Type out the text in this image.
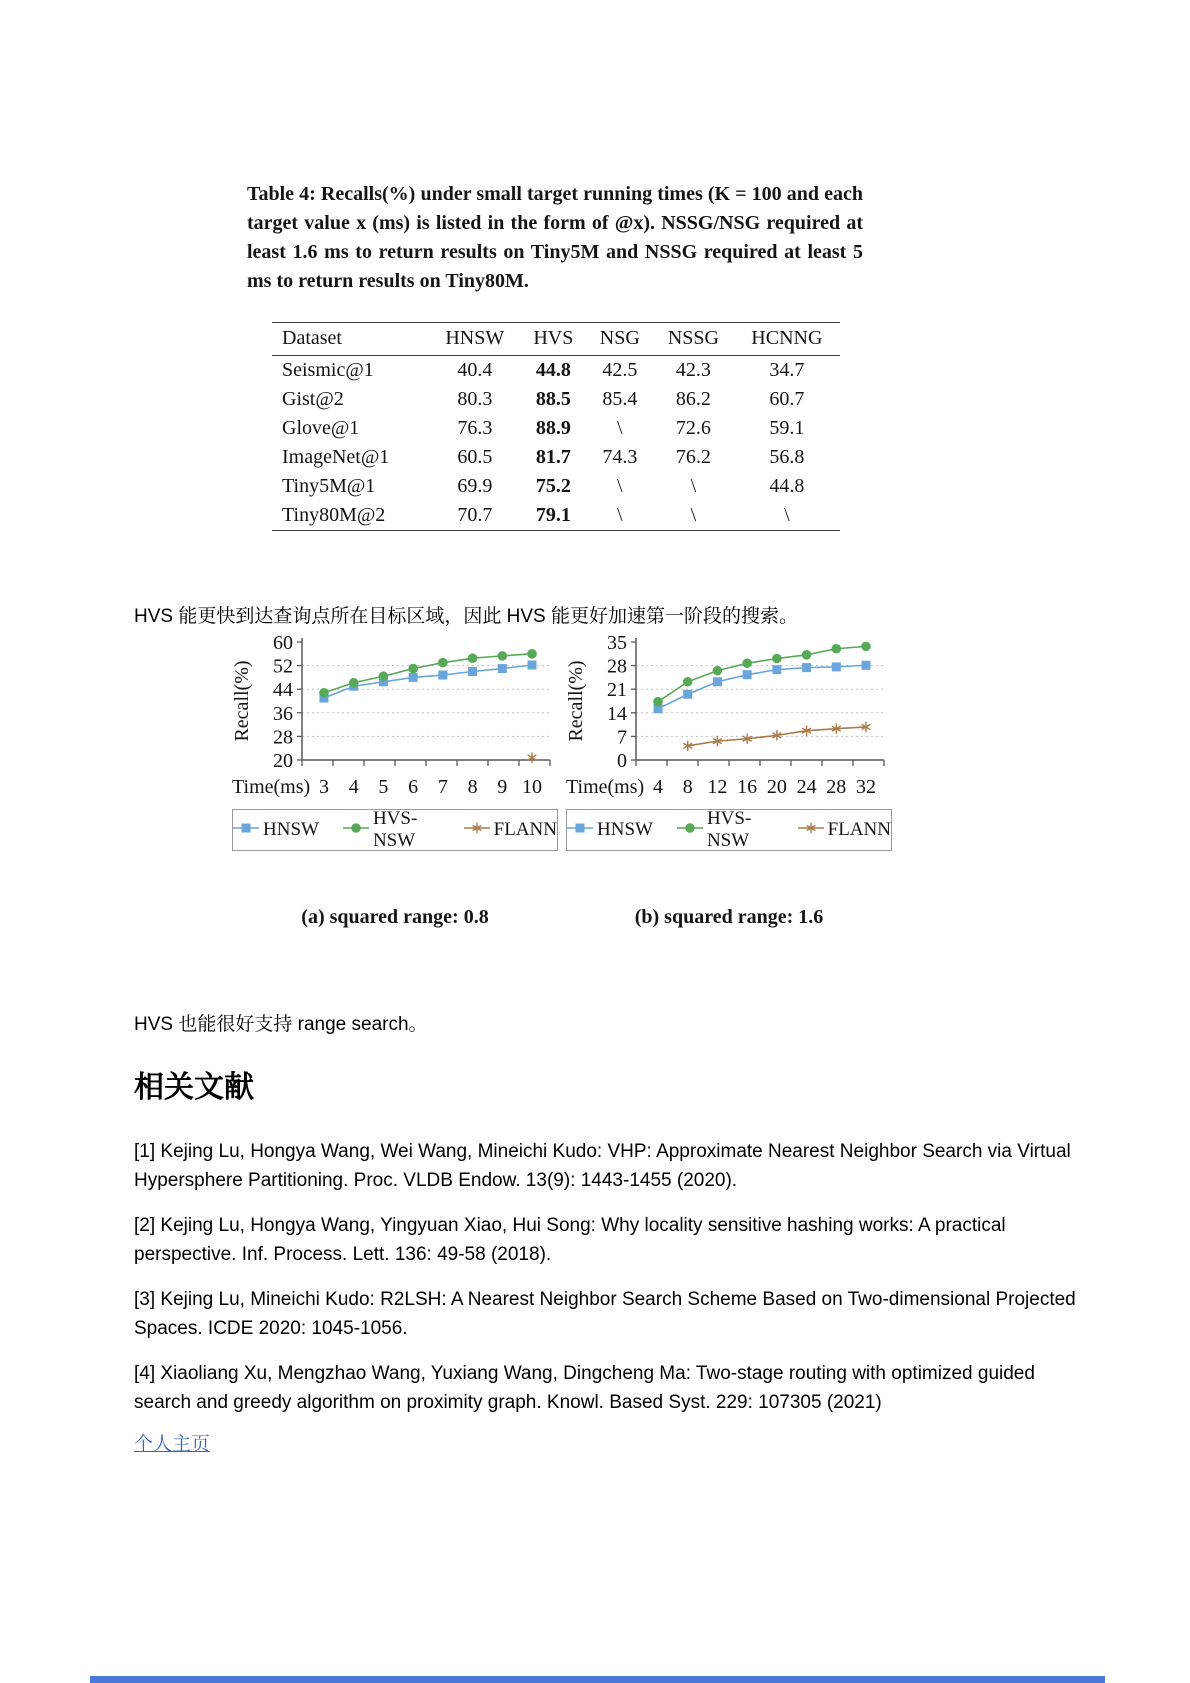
Table 4: Recalls(%) under small target running times (K = 100 and each target value x (ms) is listed in the form of @x). NSSG/NSG required at least 1.6 ms to return results on Tiny5M and NSSG required at least 5 ms to return results on Tiny80M.
Dataset	HNSW	HVS	NSG	NSSG	HCNNG
Seismic@1	40.4	44.8	42.5	42.3	34.7
Gist@2	80.3	88.5	85.4	86.2	60.7
Glove@1	76.3	88.9	\	72.6	59.1
ImageNet@1	60.5	81.7	74.3	76.2	56.8
Tiny5M@1	69.9	75.2	\	\	44.8
Tiny80M@2	70.7	79.1	\	\	\

HVS 能更快到达查询点所在目标区域，因此 HVS 能更好加速第一阶段的搜索。

20
28
36
44
52
60
Recall(%)
Time(ms) 3 4 5 6 7 8 9 10
HNSW
HVS-NSW
FLANN
(a) squared range: 0.8
0
7
14
21
28
35
Recall(%)
Time(ms) 4 8 12 16 20 24 28 32
HNSW
HVS-NSW
FLANN
(b) squared range: 1.6

HVS 也能很好支持 range search。

相关文献

[1] Kejing Lu, Hongya Wang, Wei Wang, Mineichi Kudo: VHP: Approximate Nearest Neighbor Search via Virtual Hypersphere Partitioning. Proc. VLDB Endow. 13(9): 1443-1455 (2020).

[2] Kejing Lu, Hongya Wang, Yingyuan Xiao, Hui Song: Why locality sensitive hashing works: A practical perspective. Inf. Process. Lett. 136: 49-58 (2018).

[3] Kejing Lu, Mineichi Kudo: R2LSH: A Nearest Neighbor Search Scheme Based on Two-dimensional Projected Spaces. ICDE 2020: 1045-1056.

[4] Xiaoliang Xu, Mengzhao Wang, Yuxiang Wang, Dingcheng Ma: Two-stage routing with optimized guided search and greedy algorithm on proximity graph. Knowl. Based Syst. 229: 107305 (2021)

个人主页
